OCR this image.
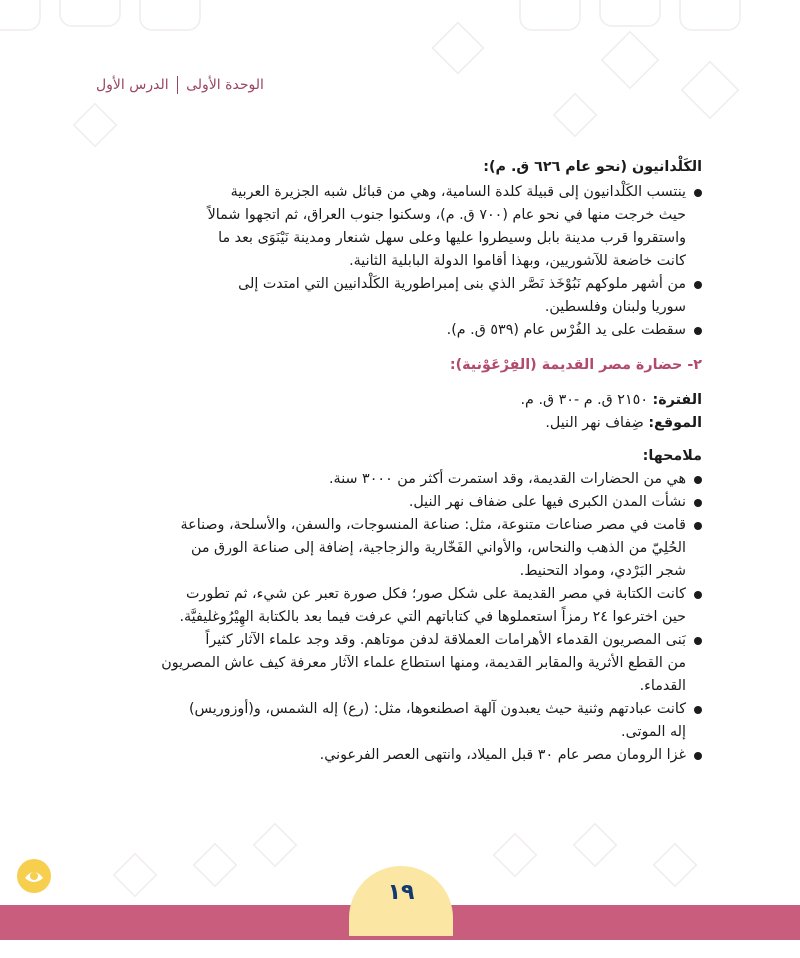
الوحدة الأولى
الدرس الأول

الكَلْدانيون (نحو عام ٦٢٦ ق. م):

ينتسب الكَلْدانيون إلى قبيلة كلدة السامية، وهي من قبائل شبه الجزيرة العربية

حيث خرجت منها في نحو عام (٧٠٠ ق. م)، وسكنوا جنوب العراق، ثم اتجهوا شمالاً

واستقروا قرب مدينة بابل وسيطروا عليها وعلى سهل شنعار ومدينة نَيْنَوَى بعد ما

كانت خاضعة للآشوريين، وبهذا أقاموا الدولة البابلية الثانية.

من أشهر ملوكهم نَبُوْخَذ نَصَّر الذي بنى إمبراطورية الكَلْدانيين التي امتدت إلى

سوريا ولبنان وفلسطين.

سقطت على يد الفُرْس عام (٥٣٩ ق. م).

٢- حضارة مصر القديمة (الفِرْعَوْنية):

الفترة: ٢١٥٠ ق. م -٣٠ ق. م.

الموقع: ضِفاف نهر النيل.

ملامحها:

هي من الحضارات القديمة، وقد استمرت أكثر من ٣٠٠٠ سنة.

نشأت المدن الكبرى فيها على ضفاف نهر النيل.

قامت في مصر صناعات متنوعة، مثل: صناعة المنسوجات، والسفن، والأسلحة، وصناعة

الحُلِيّ من الذهب والنحاس، والأواني الفَخّارية والزجاجية، إضافة إلى صناعة الورق من

شجر البَرْدي، ومواد التحنيط.

كانت الكتابة في مصر القديمة على شكل صور؛ فكل صورة تعبر عن شيء، ثم تطورت

حين اخترعوا ٢٤ رمزاً استعملوها في كتاباتهم التي عرفت فيما بعد بالكتابة الهِيْرُوغليفيَّة.

بَنى المصريون القدماء الأهرامات العملاقة لدفن موتاهم. وقد وجد علماء الآثار كثيراً

من القطع الأثرية والمقابر القديمة، ومنها استطاع علماء الآثار معرفة كيف عاش المصريون

القدماء.

كانت عبادتهم وثنية حيث يعبدون آلهة اصطنعوها، مثل: (رع) إله الشمس، و(أوزوريس)

إله الموتى.

غزا الرومان مصر عام ٣٠ قبل الميلاد، وانتهى العصر الفرعوني.

١٩
